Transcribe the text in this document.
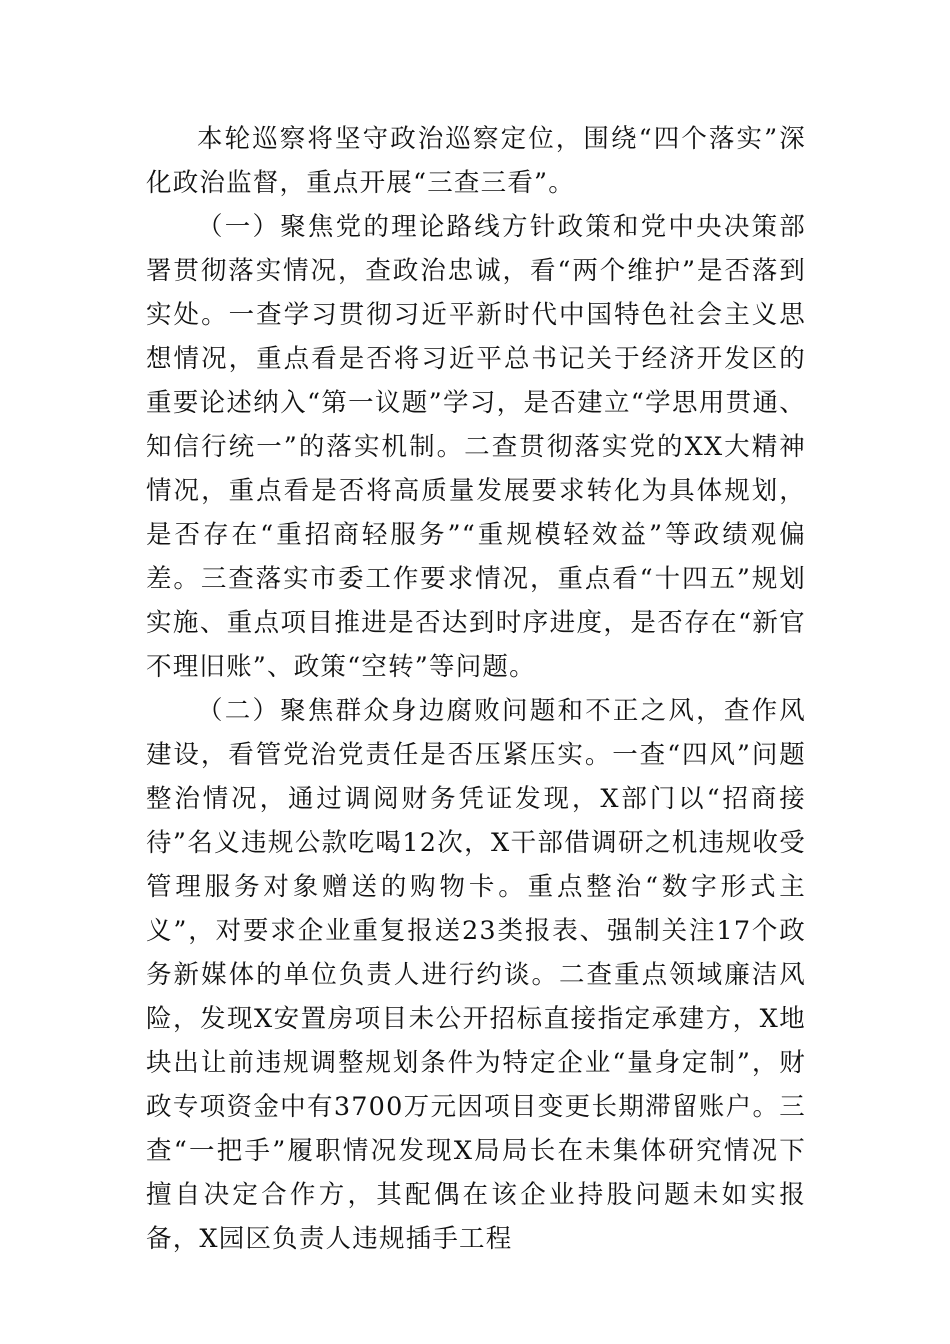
本轮巡察将坚守政治巡察定位，围绕“四个落实”深化政治监督，重点开展“三查三看”。

（一）聚焦党的理论路线方针政策和党中央决策部署贯彻落实情况，查政治忠诚，看“两个维护”是否落到实处。一查学习贯彻习近平新时代中国特色社会主义思想情况，重点看是否将习近平总书记关于经济开发区的重要论述纳入“第一议题”学习，是否建立“学思用贯通、知信行统一”的落实机制。二查贯彻落实党的XX大精神情况，重点看是否将高质量发展要求转化为具体规划，是否存在“重招商轻服务”“重规模轻效益”等政绩观偏差。三查落实市委工作要求情况，重点看“十四五”规划实施、重点项目推进是否达到时序进度，是否存在“新官不理旧账”、政策“空转”等问题。

（二）聚焦群众身边腐败问题和不正之风，查作风建设，看管党治党责任是否压紧压实。一查“四风”问题整治情况，通过调阅财务凭证发现，X部门以“招商接待”名义违规公款吃喝12次，X干部借调研之机违规收受管理服务对象赠送的购物卡。重点整治“数字形式主义”，对要求企业重复报送23类报表、强制关注17个政务新媒体的单位负责人进行约谈。二查重点领域廉洁风险，发现X安置房项目未公开招标直接指定承建方，X地块出让前违规调整规划条件为特定企业“量身定制”，财政专项资金中有3700万元因项目变更长期滞留账户。三查“一把手”履职情况发现X局局长在未集体研究情况下擅自决定合作方，其配偶在该企业持股问题未如实报备，X园区负责人违规插手工程
